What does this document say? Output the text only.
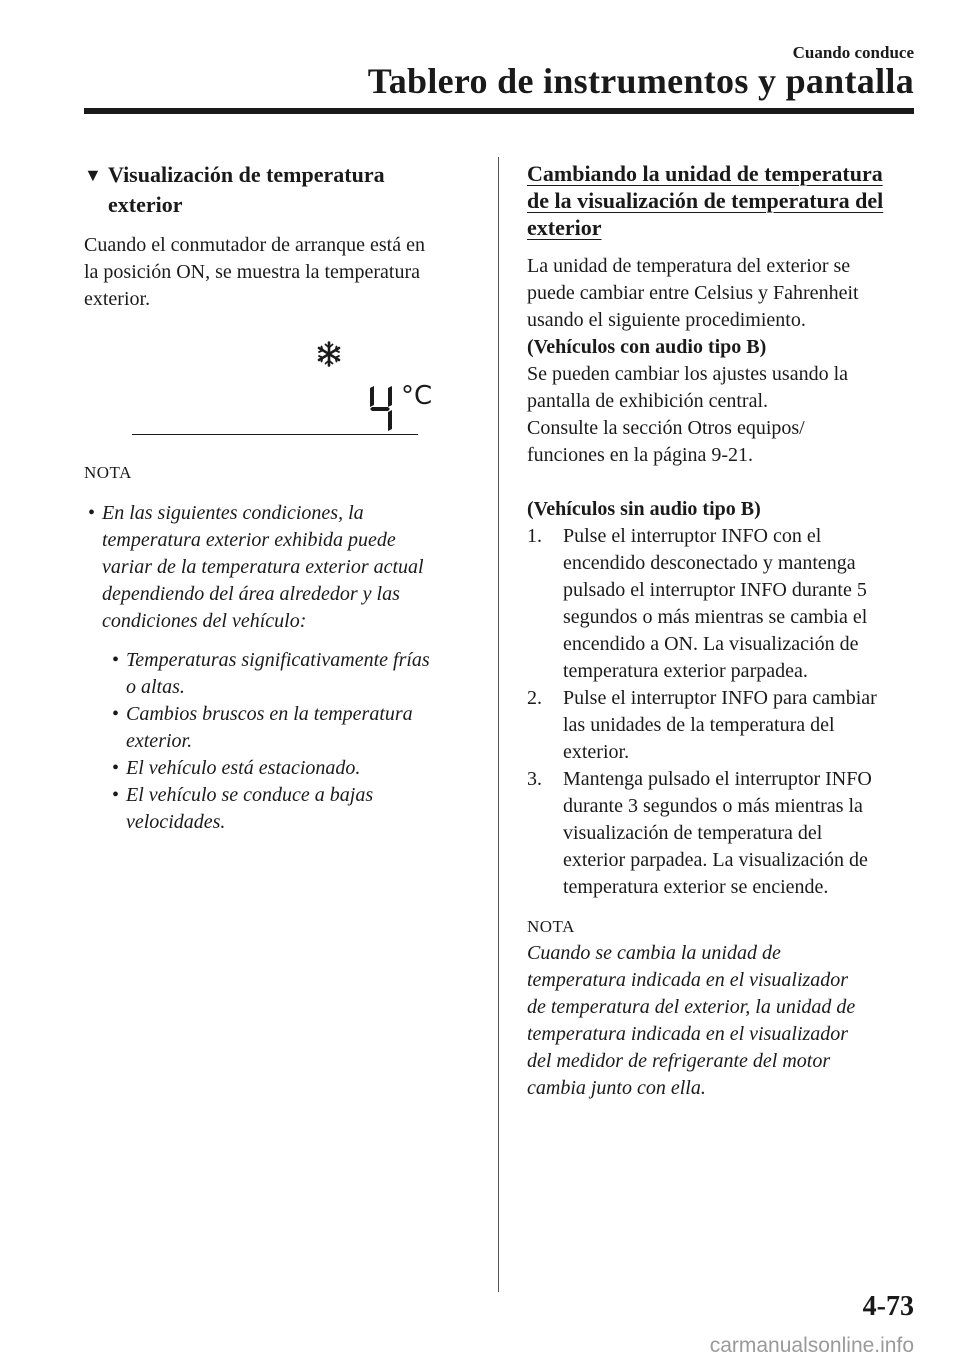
Cuando conduce
Tablero de instrumentos y pantalla
▼ Visualización de temperatura
exterior

Cuando el conmutador de arranque está en

la posición ON, se muestra la temperatura

exterior.

°C
NOTA
• En las siguientes condiciones, la
temperatura exterior exhibida puede
variar de la temperatura exterior actual
dependiendo del área alrededor y las
condiciones del vehículo:
• Temperaturas significativamente frías
o altas.
• Cambios bruscos en la temperatura
exterior.
• El vehículo está estacionado.
• El vehículo se conduce a bajas
velocidades.
Cambiando la unidad de temperatura
de la visualización de temperatura del
exterior

La unidad de temperatura del exterior se

puede cambiar entre Celsius y Fahrenheit

usando el siguiente procedimiento.

(Vehículos con audio tipo B)

Se pueden cambiar los ajustes usando la

pantalla de exhibición central.

Consulte la sección Otros equipos/

funciones en la página 9-21.

(Vehículos sin audio tipo B)

1.	Pulse el interruptor INFO con el
encendido desconectado y mantenga
pulsado el interruptor INFO durante 5
segundos o más mientras se cambia el
encendido a ON. La visualización de
temperatura exterior parpadea.
2.	Pulse el interruptor INFO para cambiar
las unidades de la temperatura del
exterior.
3.	Mantenga pulsado el interruptor INFO
durante 3 segundos o más mientras la
visualización de temperatura del
exterior parpadea. La visualización de
temperatura exterior se enciende.
NOTA
Cuando se cambia la unidad de
temperatura indicada en el visualizador
de temperatura del exterior, la unidad de
temperatura indicada en el visualizador
del medidor de refrigerante del motor
cambia junto con ella.
4-73
carmanualsonline.info
